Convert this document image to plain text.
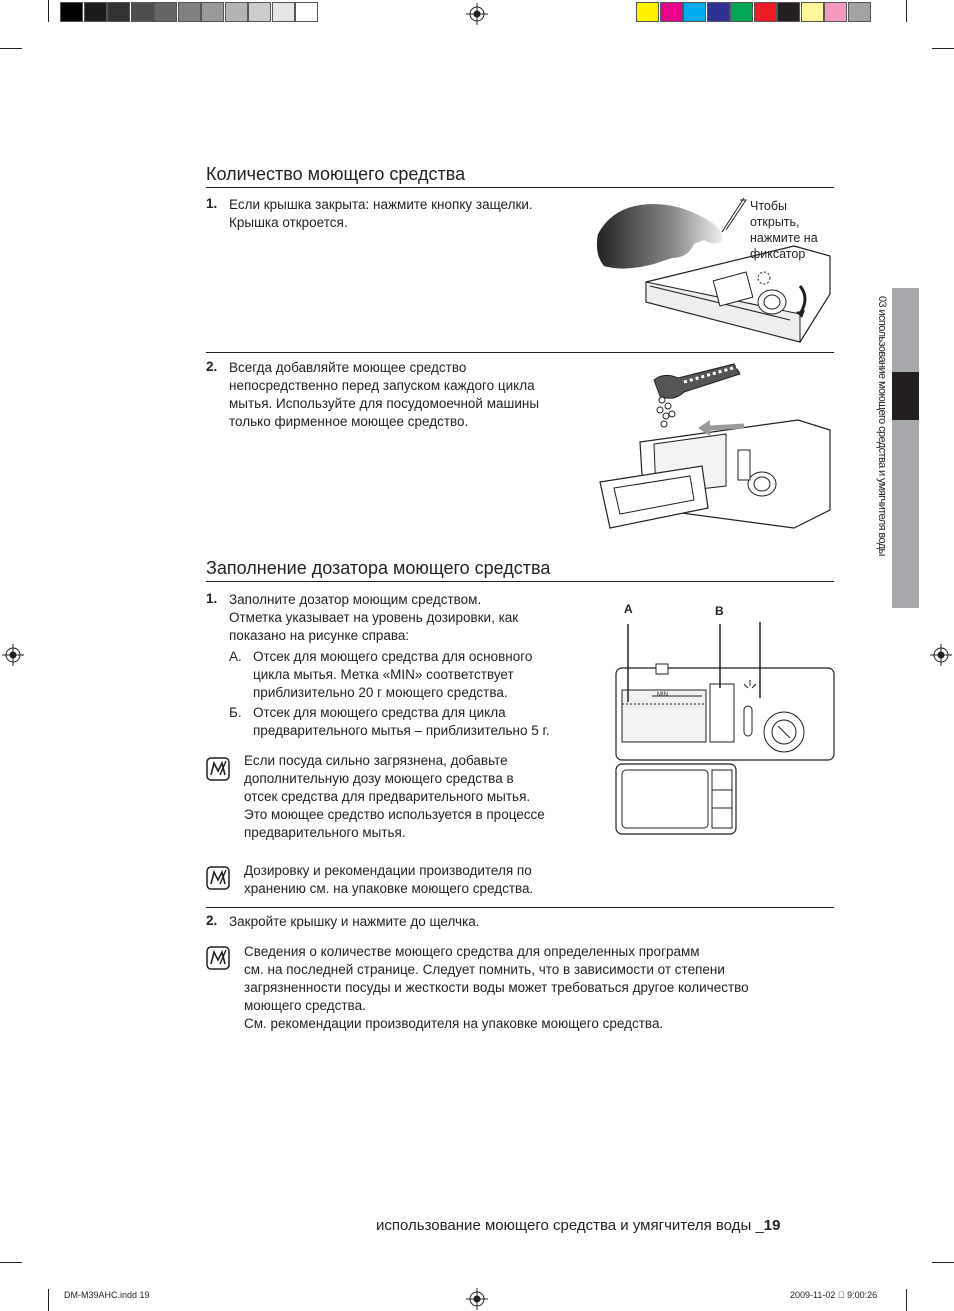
Количество моющего средства
1. Если крышка закрыта: нажмите кнопку защелки.
Крышка откроется.
Чтобы
открыть,
нажмите на
фиксатор
2. Всегда добавляйте моющее средство
непосредственно перед запуском каждого цикла
мытья. Используйте для посудомоечной машины
только фирменное моющее средство.
Заполнение дозатора моющего средства
1. Заполните дозатор моющим средством.
Отметка указывает на уровень дозировки, как
показано на рисунке справа:
А. Отсек для моющего средства для основного
цикла мытья. Метка «MIN» соответствует
приблизительно 20 г моющего средства.
Б. Отсек для моющего средства для цикла
предварительного мытья – приблизительно 5 г.
A	B
MIN
Если посуда сильно загрязнена, добавьте
дополнительную дозу моющего средства в
отсек средства для предварительного мытья.
Это моющее средство используется в процессе
предварительного мытья.
Дозировку и рекомендации производителя по
хранению см. на упаковке моющего средства.
2. Закройте крышку и нажмите до щелчка.
Сведения о количестве моющего средства для определенных программ
см. на последней странице. Следует помнить, что в зависимости от степени
загрязненности посуды и жесткости воды может требоваться другое количество
моющего средства.
См. рекомендации производителя на упаковке моющего средства.
03 использование моющего средства и умягчителя воды
использование моющего средства и умягчителя воды _19
DM-M39AHC.indd 19	2009-11-02   9:00:26
